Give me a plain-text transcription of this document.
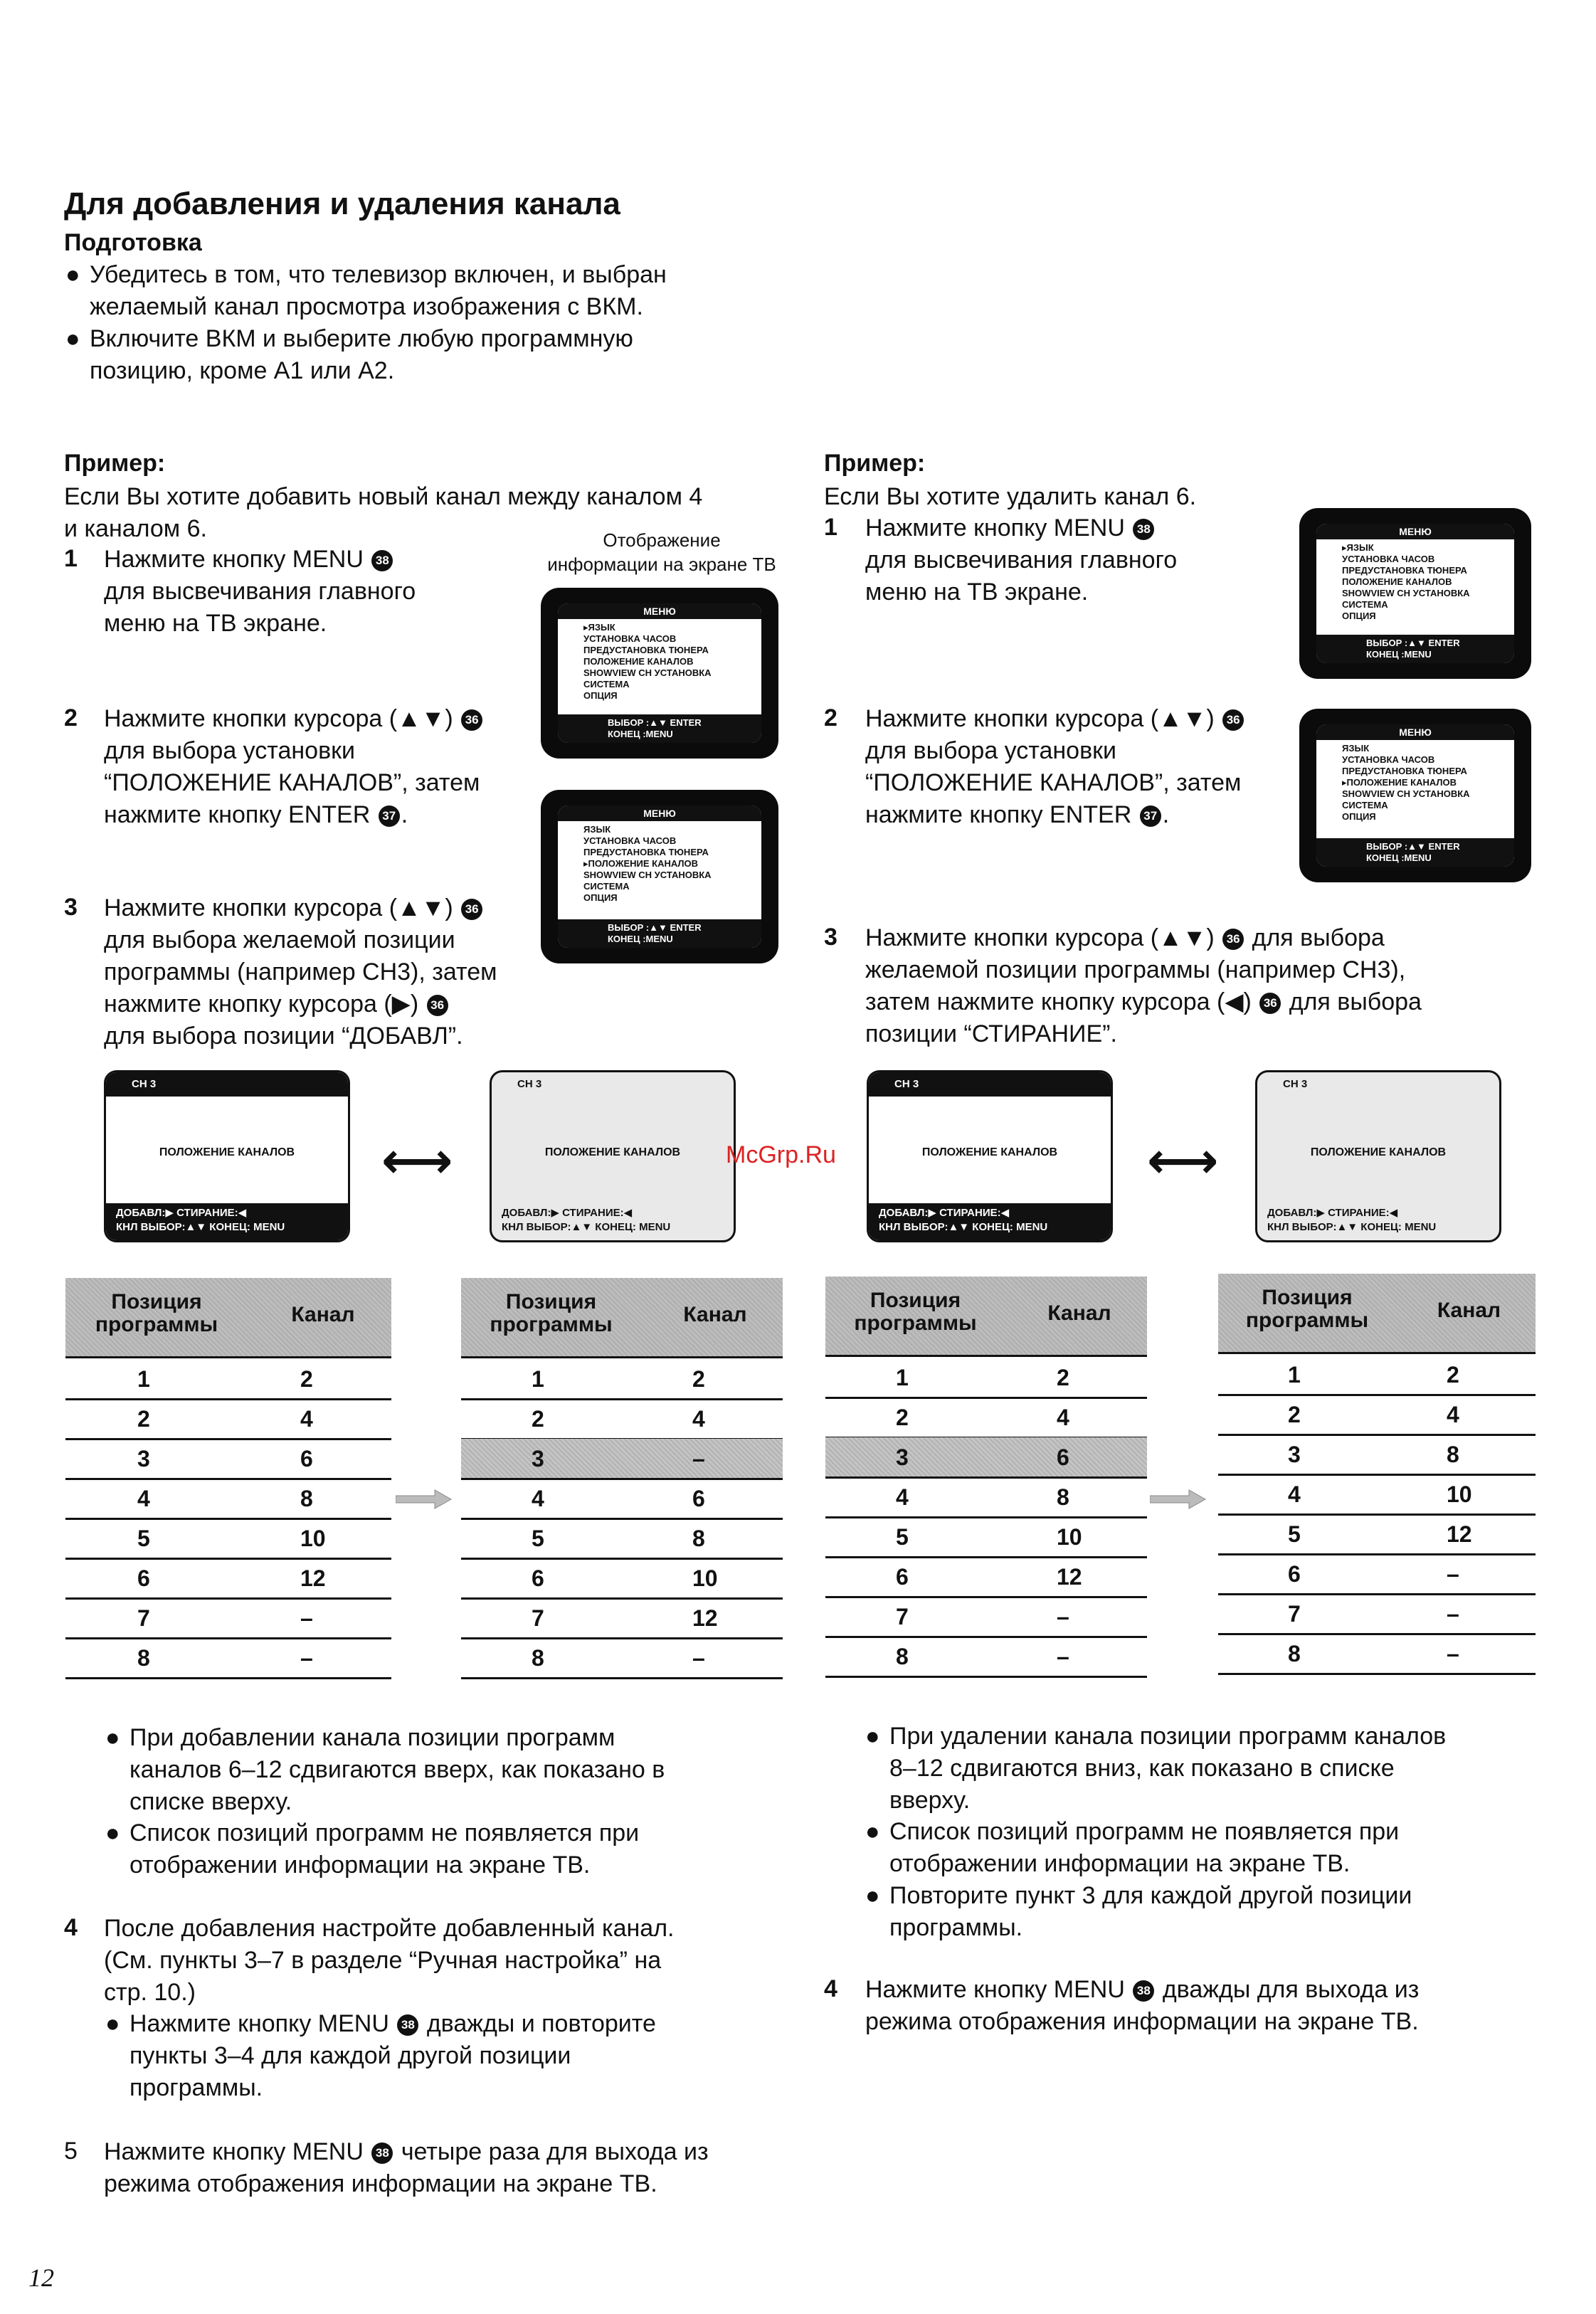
Для добавления и удаления канала
Подготовка
● Убедитесь в том, что телевизор включен, и выбран
желаемый канал просмотра изображения с ВКМ.
● Включите ВКМ и выберите любую программную
позицию, кроме А1 или А2.
Пример:
Если Вы хотите добавить новый канал между каналом 4
и каналом 6.	Отображение
информации на экране ТВ
1 Нажмите кнопку MENU 38
для высвечивания главного
меню на ТВ экране.
2 Нажмите кнопки курсора (▲▼) 36
для выбора установки
“ПОЛОЖЕНИЕ КАНАЛОВ”, затем
нажмите кнопку ENTER 37 .
3 Нажмите кнопки курсора (▲▼) 36
для выбора желаемой позиции
программы (например СН3), затем
нажмите кнопку курсора (▶) 36
для выбора позиции “ДОБАВЛ”.
МЕНЮ
▸ЯЗЫК
УСТАНОВКА ЧАСОВ
ПРЕДУСТАНОВКА ТЮНЕРА
ПОЛОЖЕНИЕ КАНАЛОВ
SHOWVIEW CH УСТАНОВКА
СИСТЕМА
ОПЦИЯ
ВЫБОР :▲▼ ENTER
КОНЕЦ :MENU
МЕНЮ
ЯЗЫК
УСТАНОВКА ЧАСОВ
ПРЕДУСТАНОВКА ТЮНЕРА
▸ПОЛОЖЕНИЕ КАНАЛОВ
SHOWVIEW CH УСТАНОВКА
СИСТЕМА
ОПЦИЯ
ВЫБОР :▲▼ ENTER
КОНЕЦ :MENU
Пример:
Если Вы хотите удалить канал 6.
1 Нажмите кнопку MENU 38
для высвечивания главного
меню на ТВ экране.
2 Нажмите кнопки курсора (▲▼) 36
для выбора установки
“ПОЛОЖЕНИЕ КАНАЛОВ”, затем
нажмите кнопку ENTER 37 .
3 Нажмите кнопки курсора (▲▼) 36 для выбора
желаемой позиции программы (например СН3),
затем нажмите кнопку курсора (◀) 36 для выбора
позиции “СТИРАНИЕ”.
МЕНЮ
▸ЯЗЫК
УСТАНОВКА ЧАСОВ
ПРЕДУСТАНОВКА ТЮНЕРА
ПОЛОЖЕНИЕ КАНАЛОВ
SHOWVIEW CH УСТАНОВКА
СИСТЕМА
ОПЦИЯ
ВЫБОР :▲▼ ENTER
КОНЕЦ :MENU
МЕНЮ
ЯЗЫК
УСТАНОВКА ЧАСОВ
ПРЕДУСТАНОВКА ТЮНЕРА
▸ПОЛОЖЕНИЕ КАНАЛОВ
SHOWVIEW CH УСТАНОВКА
СИСТЕМА
ОПЦИЯ
ВЫБОР :▲▼ ENTER
КОНЕЦ :MENU
CH 3
ПОЛОЖЕНИЕ КАНАЛОВ
ДОБАВЛ:▶ СТИРАНИЕ:◀
КНЛ ВЫБОР:▲▼ КОНЕЦ: MENU
⟷
CH 3
ПОЛОЖЕНИЕ КАНАЛОВ
ДОБАВЛ:▶ СТИРАНИЕ:◀
КНЛ ВЫБОР:▲▼ КОНЕЦ: MENU
McGrp.Ru
CH 3
ПОЛОЖЕНИЕ КАНАЛОВ
ДОБАВЛ:▶ СТИРАНИЕ:◀
КНЛ ВЫБОР:▲▼ КОНЕЦ: MENU
⟷
CH 3
ПОЛОЖЕНИЕ КАНАЛОВ
ДОБАВЛ:▶ СТИРАНИЕ:◀
КНЛ ВЫБОР:▲▼ КОНЕЦ: MENU
Позиция
программы	Канал
1	2
2	4
3	6
4	8
5	10
6	12
7	–
8	–
Позиция
программы	Канал
1	2
2	4
3	–
4	6
5	8
6	10
7	12
8	–
Позиция
программы	Канал
1	2
2	4
3	6
4	8
5	10
6	12
7	–
8	–
Позиция
программы	Канал
1	2
2	4
3	8
4	10
5	12
6	–
7	–
8	–
● При добавлении канала позиции программ
каналов 6–12 сдвигаются вверх, как показано в
списке вверху.
● Список позиций программ не появляется при
отображении информации на экране ТВ.
4 После добавления настройте добавленный канал.
(См. пункты 3–7 в разделе “Ручная настройка” на
стр. 10.)
● Нажмите кнопку MENU 38 дважды и повторите
пункты 3–4 для каждой другой позиции
программы.
5 Нажмите кнопку MENU 38 четыре раза для выхода из
режима отображения информации на экране ТВ.
● При удалении канала позиции программ каналов
8–12 сдвигаются вниз, как показано в списке
вверху.
● Список позиций программ не появляется при
отображении информации на экране ТВ.
● Повторите пункт 3 для каждой другой позиции
программы.
4 Нажмите кнопку MENU 38 дважды для выхода из
режима отображения информации на экране ТВ.
12
